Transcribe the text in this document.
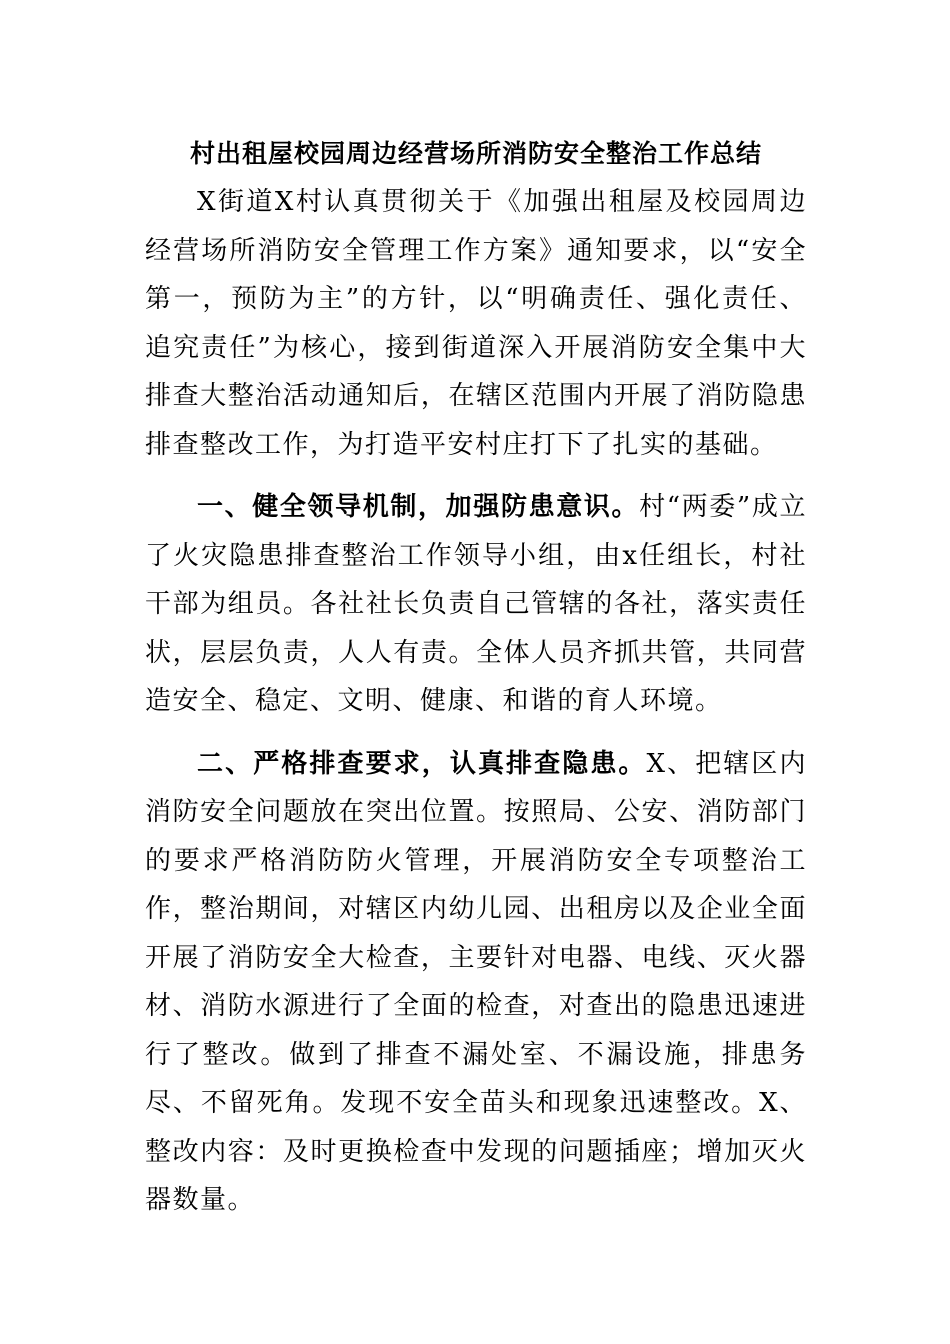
村出租屋校园周边经营场所消防安全整治工作总结

X街道X村认真贯彻关于《加强出租屋及校园周边经营场所消防安全管理工作方案》通知要求，以“安全第一，预防为主”的方针，以“明确责任、强化责任、追究责任”为核心，接到街道深入开展消防安全集中大排查大整治活动通知后，在辖区范围内开展了消防隐患排查整改工作，为打造平安村庄打下了扎实的基础。

一、健全领导机制，加强防患意识。村“两委”成立了火灾隐患排查整治工作领导小组，由x任组长，村社干部为组员。各社社长负责自己管辖的各社，落实责任状，层层负责，人人有责。全体人员齐抓共管，共同营造安全、稳定、文明、健康、和谐的育人环境。

二、严格排查要求，认真排查隐患。X、把辖区内消防安全问题放在突出位置。按照局、公安、消防部门的要求严格消防防火管理，开展消防安全专项整治工作，整治期间，对辖区内幼儿园、出租房以及企业全面开展了消防安全大检查，主要针对电器、电线、灭火器材、消防水源进行了全面的检查，对查出的隐患迅速进行了整改。做到了排查不漏处室、不漏设施，排患务尽、不留死角。发现不安全苗头和现象迅速整改。X、整改内容：及时更换检查中发现的问题插座；增加灭火器数量。
